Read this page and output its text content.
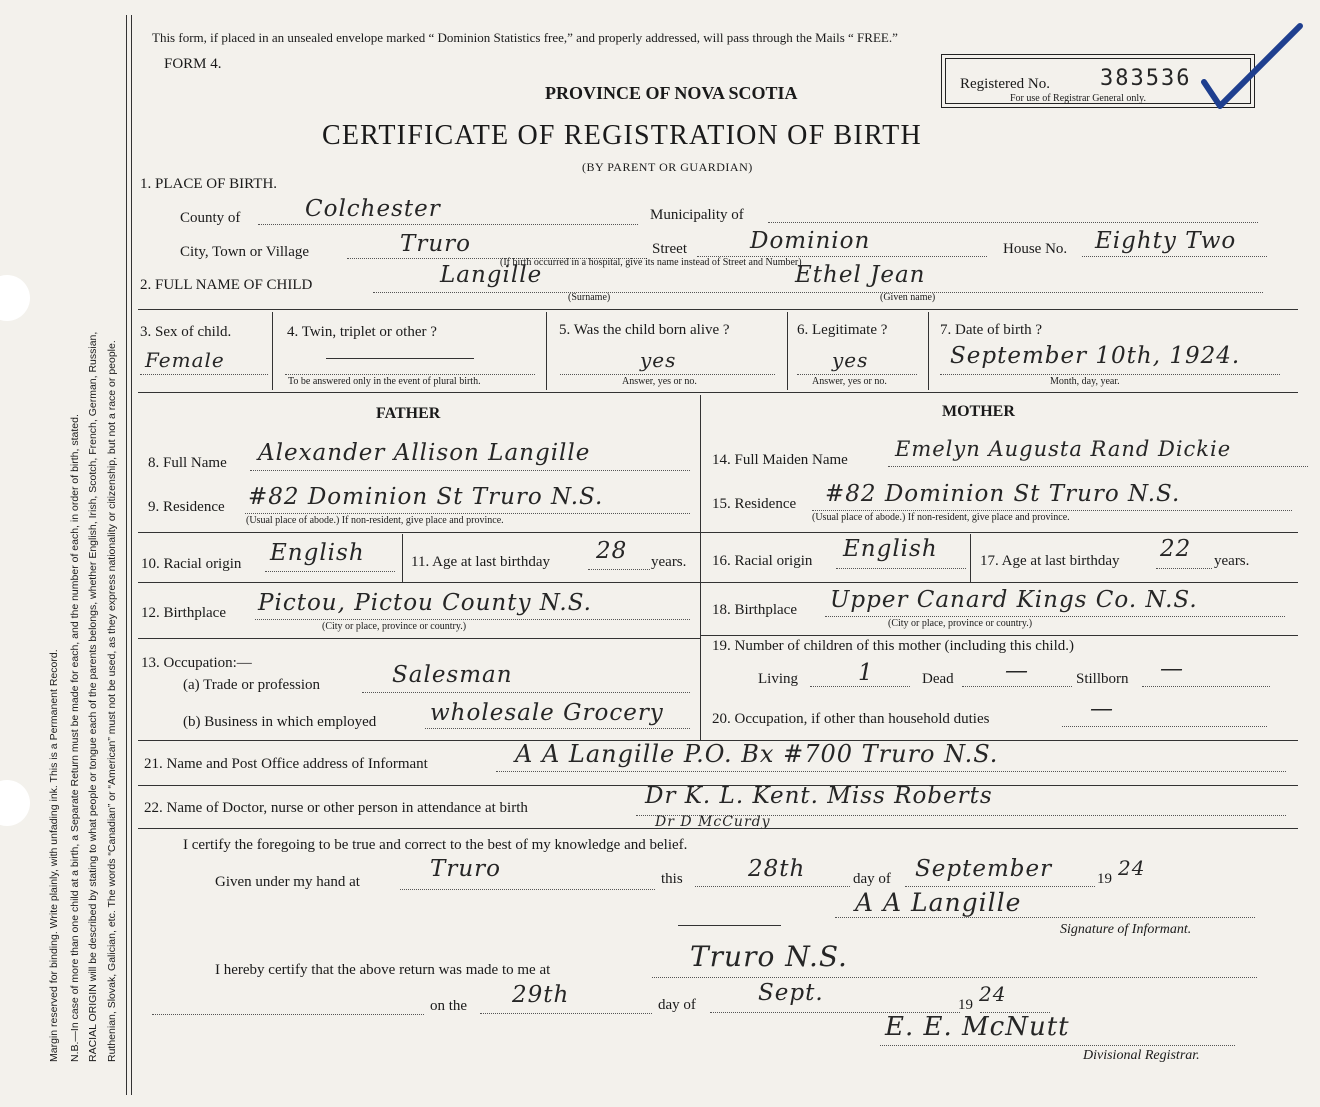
Margin reserved for binding. Write plainly, with unfading ink. This is a Permanent Record. N.B.—In case of more than one child at a birth, a Separate Return must be made for each, and the number of each, in order of birth, stated. RACIAL ORIGIN will be described by stating to what people or tongue each of the parents belongs, whether English, Irish, Scotch, French, German, Russian, Ruthenian, Slovak, Galician, etc. The words “Canadian” or “American” must not be used, as they express nationality or citizenship, but not a race or people.
This form, if placed in an unsealed envelope marked “ Dominion Statistics free,” and properly addressed, will pass through the Mails “ FREE.”
FORM 4.
PROVINCE OF NOVA SCOTIA
CERTIFICATE OF REGISTRATION OF BIRTH
(BY PARENT OR GUARDIAN)
Registered No. 383536
For use of Registrar General only.
1. PLACE OF BIRTH.
County of	Colchester	Municipality of
City, Town or Village	Truro	Street	Dominion	House No. Eighty Two
(If birth occurred in a hospital, give its name instead of Street and Number)
2. FULL NAME OF CHILD	Langille	Ethel Jean
(Surname)	(Given name)
3. Sex of child.
Female
4. Twin, triplet or other ?
To be answered only in the event of plural birth.
5. Was the child born alive ?
yes
Answer, yes or no.
6. Legitimate ?
yes
Answer, yes or no.
7. Date of birth ?
September 10th, 1924.
Month, day, year.
FATHER	MOTHER
8. Full Name Alexander Allison Langille
9. Residence #82 Dominion St Truro N.S.
(Usual place of abode.) If non-resident, give place and province.
10. Racial origin English	11. Age at last birthday 28 years.
12. Birthplace Pictou, Pictou County N.S.
(City or place, province or country.)
13. Occupation:—
(a) Trade or profession	Salesman
(b) Business in which employed wholesale Grocery
14. Full Maiden Name Emelyn Augusta Rand Dickie
15. Residence #82 Dominion St Truro N.S.
(Usual place of abode.) If non-resident, give place and province.
16. Racial origin English	17. Age at last birthday 22 years.
18. Birthplace Upper Canard Kings Co. N.S.
(City or place, province or country.)
19. Number of children of this mother (including this child.)
Living	1	Dead —	Stillborn —
20. Occupation, if other than household duties	—
21. Name and Post Office address of Informant	A A Langille P.O. Bx #700 Truro N.S.
22. Name of Doctor, nurse or other person in attendance at birth	Dr K. L. Kent. Miss Roberts
Dr D McCurdy
I certify the foregoing to be true and correct to the best of my knowledge and belief.
Given under my hand at	Truro	this	28th	day of September	19 24
A A Langille
Signature of Informant.
I hereby certify that the above return was made to me at	Truro N.S.
on the 29th	day of	Sept.	19 24
E. E. McNutt
Divisional Registrar.
